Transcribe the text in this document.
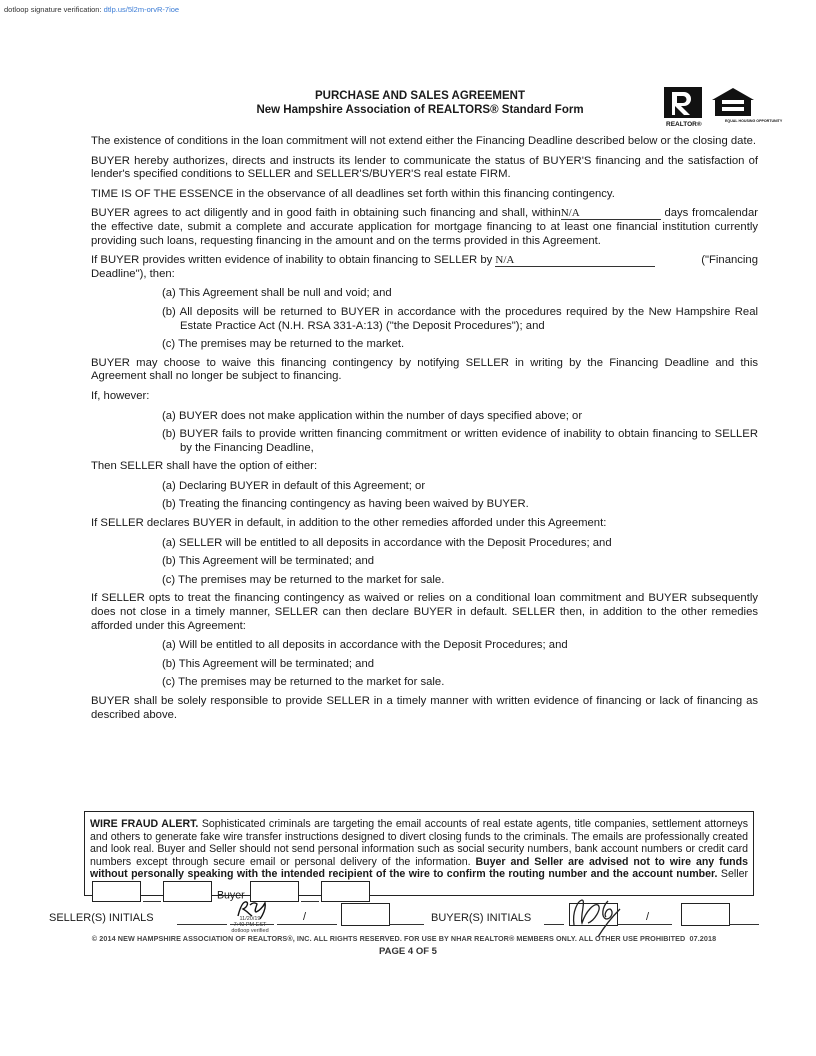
dotloop signature verification: dtlp.us/5l2m-orvR-7ioe
PURCHASE AND SALES AGREEMENT
New Hampshire Association of REALTORS® Standard Form
REALTOR®	EQUAL HOUSING OPPORTUNITY

The existence of conditions in the loan commitment will not extend either the Financing Deadline described below or the closing date.

BUYER hereby authorizes, directs and instructs its lender to communicate the status of BUYER'S financing and the satisfaction of lender's specified conditions to SELLER and SELLER'S/BUYER'S real estate FIRM.

TIME IS OF THE ESSENCE in the observance of all deadlines set forth within this financing contingency.

BUYER agrees to act diligently and in good faith in obtaining such financing and shall, withinN/A	calendar
days from the effective date, submit a complete and accurate application for mortgage financing to at least one financial institution currently providing such loans, requesting financing in the amount and on the terms provided in this Agreement.

("Financing
If BUYER provides written evidence of inability to obtain financing to SELLER by N/A
Deadline"), then:

(a) This Agreement shall be null and void; and
(b) All deposits will be returned to BUYER in accordance with the procedures required by the New Hampshire Real Estate Practice Act (N.H. RSA 331-A:13) ("the Deposit Procedures"); and
(c) The premises may be returned to the market.

BUYER may choose to waive this financing contingency by notifying SELLER in writing by the Financing Deadline and this Agreement shall no longer be subject to financing.

If, however:

(a) BUYER does not make application within the number of days specified above; or
(b) BUYER fails to provide written financing commitment or written evidence of inability to obtain financing to SELLER by the Financing Deadline,

Then SELLER shall have the option of either:

(a) Declaring BUYER in default of this Agreement; or
(b) Treating the financing contingency as having been waived by BUYER.

If SELLER declares BUYER in default, in addition to the other remedies afforded under this Agreement:

(a) SELLER will be entitled to all deposits in accordance with the Deposit Procedures; and
(b) This Agreement will be terminated; and
(c) The premises may be returned to the market for sale.

If SELLER opts to treat the financing contingency as waived or relies on a conditional loan commitment and BUYER subsequently does not close in a timely manner, SELLER can then declare BUYER in default. SELLER then, in addition to the other remedies afforded under this Agreement:

(a) Will be entitled to all deposits in accordance with the Deposit Procedures; and
(b) This Agreement will be terminated; and
(c) The premises may be returned to the market for sale.

BUYER shall be solely responsible to provide SELLER in a timely manner with written evidence of financing or lack of financing as described above.

WIRE FRAUD ALERT. Sophisticated criminals are targeting the email accounts of real estate agents, title companies, settlement attorneys and others to generate fake wire transfer instructions designed to divert closing funds to the criminals. The emails are professionally created and look real. Buyer and Seller should not send personal information such as social security numbers, bank account numbers or credit card numbers except through secure email or personal delivery of the information. Buyer and Seller are advised not to wire any funds without personally speaking with the intended recipient of the wire to confirm the routing number and the account number. Seller  Buyer
SELLER(S) INITIALS	/	BUYER(S) INITIALS	/
11/20/19
7:40 PM EST
dotloop verified
© 2014 NEW HAMPSHIRE ASSOCIATION OF REALTORS®, INC. ALL RIGHTS RESERVED. FOR USE BY NHAR REALTOR® MEMBERS ONLY. ALL OTHER USE PROHIBITED 07.2018
PAGE 4 OF 5
